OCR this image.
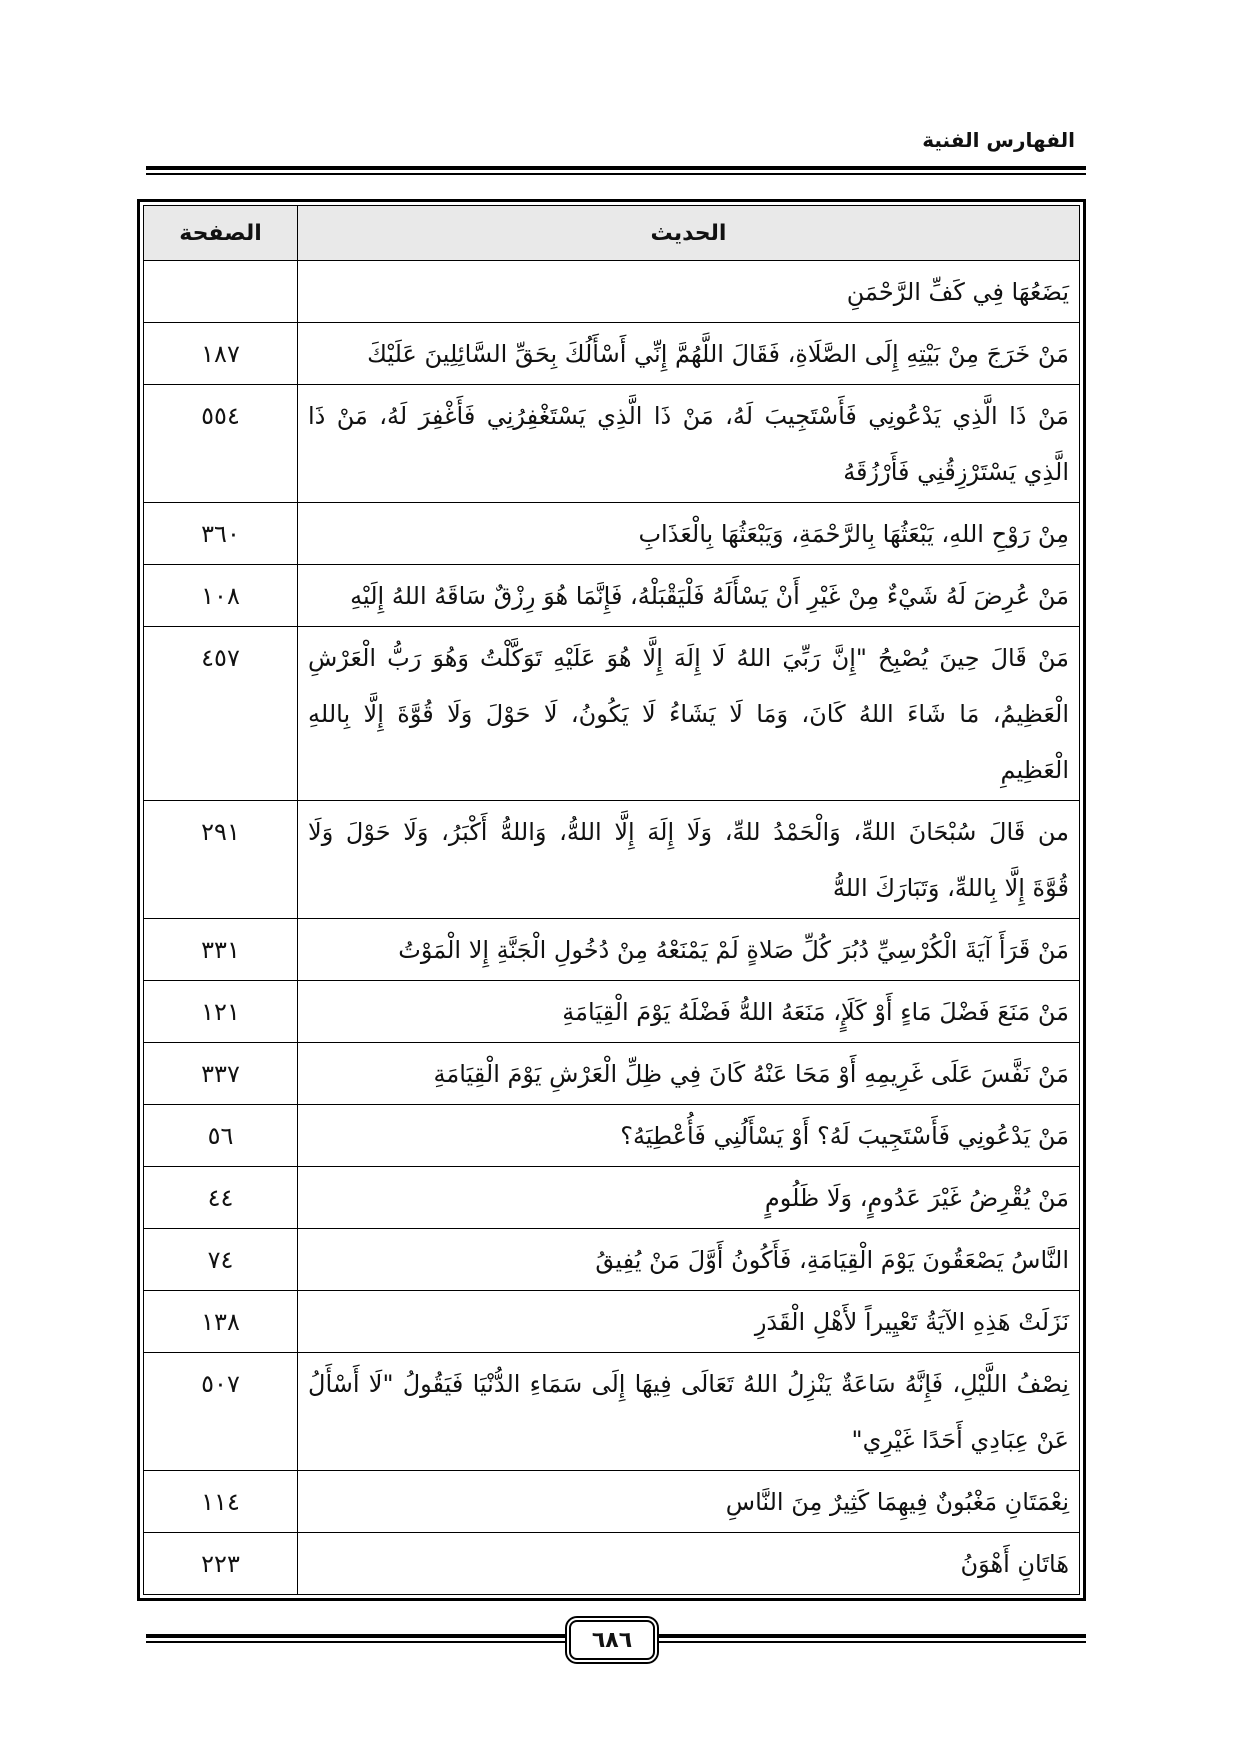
الفهارس الفنية
الحديث	الصفحة

يَضَعُهَا فِي كَفِّ الرَّحْمَنِ	

مَنْ خَرَجَ مِنْ بَيْتِهِ إِلَى الصَّلَاةِ، فَقَالَ اللَّهُمَّ إِنِّي أَسْأَلُكَ بِحَقِّ السَّائِلِينَ عَلَيْكَ	١٨٧

مَنْ ذَا الَّذِي يَدْعُونِي فَأَسْتَجِيبَ لَهُ، مَنْ ذَا الَّذِي يَسْتَغْفِرُنِي فَأَغْفِرَ لَهُ، مَنْ ذَا
الَّذِي يَسْتَرْزِقُنِي فَأَرْزُقَهُ	٥٥٤

مِنْ رَوْحِ اللهِ، يَبْعَثُهَا بِالرَّحْمَةِ، وَيَبْعَثُهَا بِالْعَذَابِ	٣٦٠

مَنْ عُرِضَ لَهُ شَيْءٌ مِنْ غَيْرِ أَنْ يَسْأَلَهُ فَلْيَقْبَلْهُ، فَإِنَّمَا هُوَ رِزْقٌ سَاقَهُ اللهُ إِلَيْهِ	١٠٨

مَنْ قَالَ حِينَ يُصْبِحُ "إِنَّ رَبِّيَ اللهُ لَا إِلَهَ إِلَّا هُوَ عَلَيْهِ تَوَكَّلْتُ وَهُوَ رَبُّ الْعَرْشِ
الْعَظِيمُ، مَا شَاءَ اللهُ كَانَ، وَمَا لَا يَشَاءُ لَا يَكُونُ، لَا حَوْلَ وَلَا قُوَّةَ إِلَّا بِاللهِ
الْعَظِيمِ	٤٥٧

من قَالَ سُبْحَانَ اللهِّ، وَالْحَمْدُ للهِّ، وَلَا إِلَهَ إِلَّا اللهُّ، وَاللهُّ أَكْبَرُ، وَلَا حَوْلَ وَلَا
قُوَّةَ إِلَّا بِاللهِّ، وَتَبَارَكَ اللهُّ	٢٩١

مَنْ قَرَأَ آيَةَ الْكُرْسِيِّ دُبُرَ كُلِّ صَلاةٍ لَمْ يَمْنَعْهُ مِنْ دُخُولِ الْجَنَّةِ إِلا الْمَوْتُ	٣٣١

مَنْ مَنَعَ فَضْلَ مَاءٍ أَوْ كَلَإٍ، مَنَعَهُ اللهُّ فَضْلَهُ يَوْمَ الْقِيَامَةِ	١٢١

مَنْ نَفَّسَ عَلَى غَرِيمِهِ أَوْ مَحَا عَنْهُ كَانَ فِي ظِلِّ الْعَرْشِ يَوْمَ الْقِيَامَةِ	٣٣٧

مَنْ يَدْعُونِي فَأَسْتَجِيبَ لَهُ؟ أَوْ يَسْأَلُنِي فَأُعْطِيَهُ؟	٥٦

مَنْ يُقْرِضُ غَيْرَ عَدُومٍ، وَلَا ظَلُومٍ	٤٤

النَّاسُ يَصْعَقُونَ يَوْمَ الْقِيَامَةِ، فَأَكُونُ أَوَّلَ مَنْ يُفِيقُ	٧٤

نَزَلَتْ هَذِهِ الآيَةُ تَعْيِيراً لأَهْلِ الْقَدَرِ	١٣٨

نِصْفُ اللَّيْلِ، فَإِنَّهُ سَاعَةٌ يَنْزِلُ اللهُ تَعَالَى فِيهَا إِلَى سَمَاءِ الدُّنْيَا فَيَقُولُ "لَا أَسْأَلُ
عَنْ عِبَادِي أَحَدًا غَيْرِي"	٥٠٧

نِعْمَتَانِ مَغْبُونٌ فِيهِمَا كَثِيرٌ مِنَ النَّاسِ	١١٤

هَاتَانِ أَهْوَنُ	٢٢٣
٦٨٦
